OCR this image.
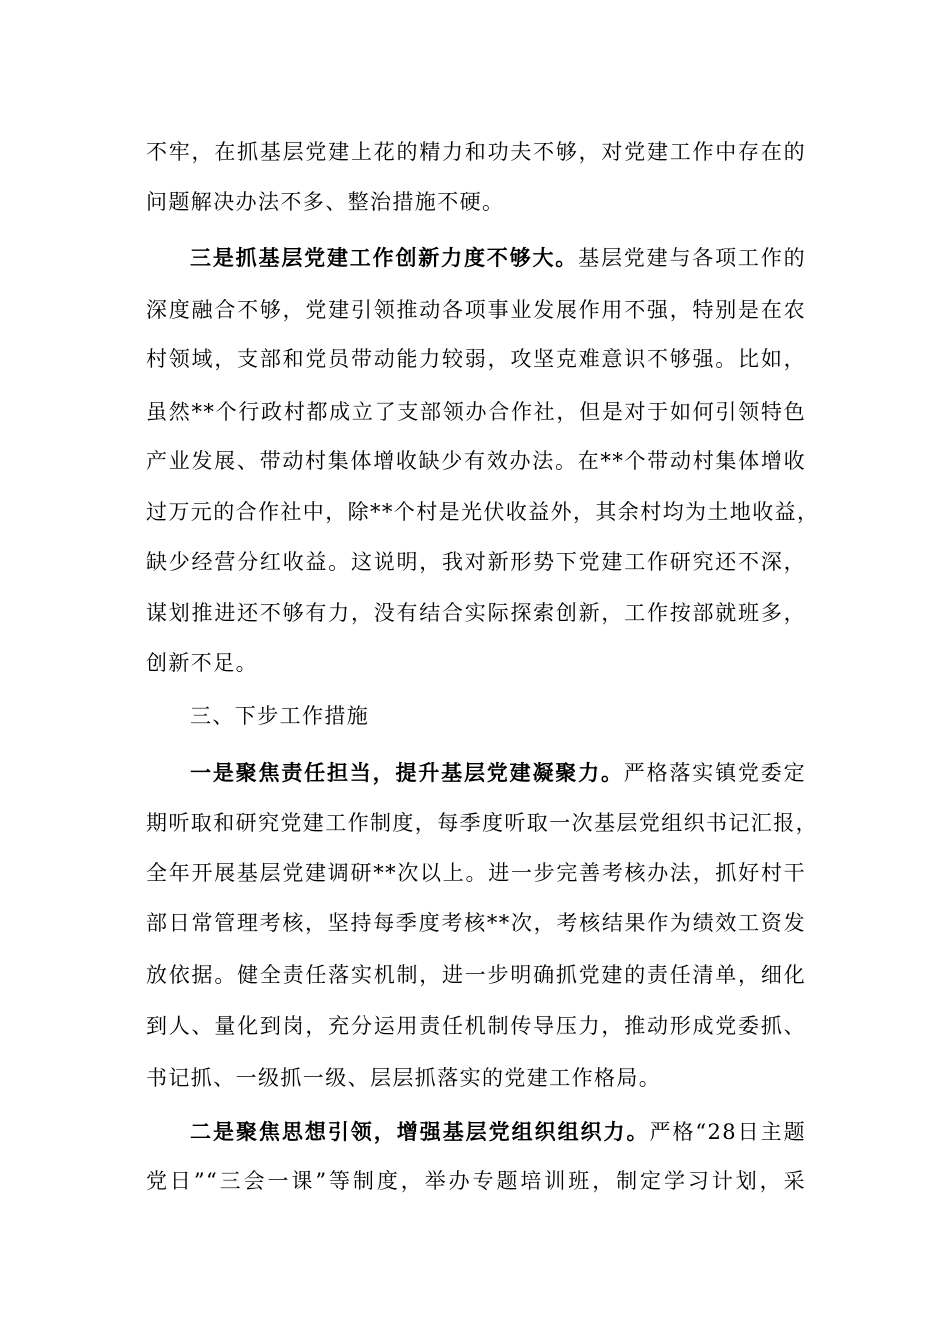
不牢，在抓基层党建上花的精力和功夫不够，对党建工作中存在的
问题解决办法不多、整治措施不硬。
三是抓基层党建工作创新力度不够大。基层党建与各项工作的
深度融合不够，党建引领推动各项事业发展作用不强，特别是在农
村领域，支部和党员带动能力较弱，攻坚克难意识不够强。比如，
虽然**个行政村都成立了支部领办合作社，但是对于如何引领特色
产业发展、带动村集体增收缺少有效办法。在**个带动村集体增收
过万元的合作社中，除**个村是光伏收益外，其余村均为土地收益，
缺少经营分红收益。这说明，我对新形势下党建工作研究还不深，
谋划推进还不够有力，没有结合实际探索创新，工作按部就班多，
创新不足。
三、下步工作措施
一是聚焦责任担当，提升基层党建凝聚力。严格落实镇党委定
期听取和研究党建工作制度，每季度听取一次基层党组织书记汇报，
全年开展基层党建调研**次以上。进一步完善考核办法，抓好村干
部日常管理考核，坚持每季度考核**次，考核结果作为绩效工资发
放依据。健全责任落实机制，进一步明确抓党建的责任清单，细化
到人、量化到岗，充分运用责任机制传导压力，推动形成党委抓、
书记抓、一级抓一级、层层抓落实的党建工作格局。
二是聚焦思想引领，增强基层党组织组织力。严格“28日主题
党日”“三会一课”等制度，举办专题培训班，制定学习计划，采
